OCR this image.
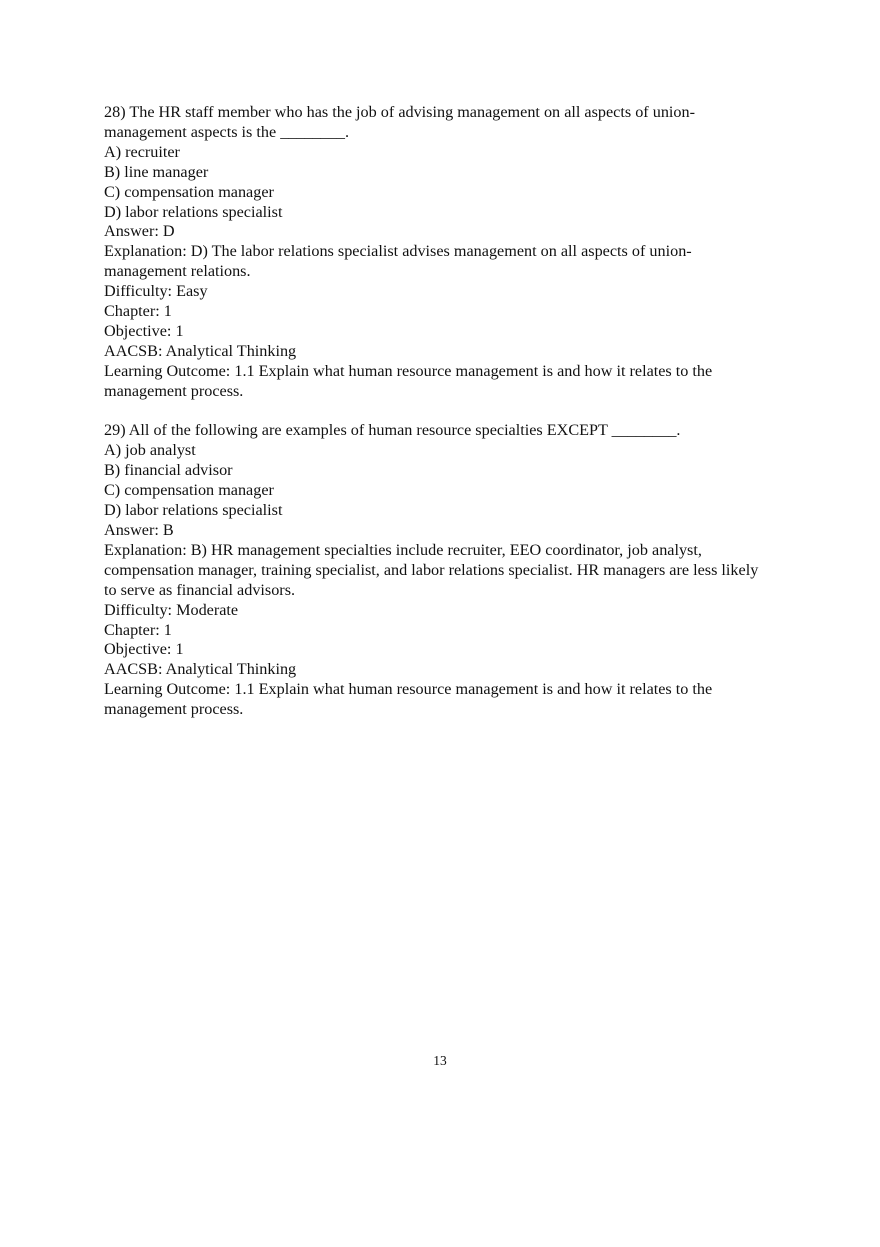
28) The HR staff member who has the job of advising management on all aspects of union-management aspects is the ________.

A) recruiter

B) line manager

C) compensation manager

D) labor relations specialist

Answer: D

Explanation: D) The labor relations specialist advises management on all aspects of union-management relations.

Difficulty: Easy

Chapter: 1

Objective: 1

AACSB: Analytical Thinking

Learning Outcome: 1.1 Explain what human resource management is and how it relates to the management process.

29) All of the following are examples of human resource specialties EXCEPT ________.

A) job analyst

B) financial advisor

C) compensation manager

D) labor relations specialist

Answer: B

Explanation: B) HR management specialties include recruiter, EEO coordinator, job analyst, compensation manager, training specialist, and labor relations specialist. HR managers are less likely to serve as financial advisors.

Difficulty: Moderate

Chapter: 1

Objective: 1

AACSB: Analytical Thinking

Learning Outcome: 1.1 Explain what human resource management is and how it relates to the management process.

13
